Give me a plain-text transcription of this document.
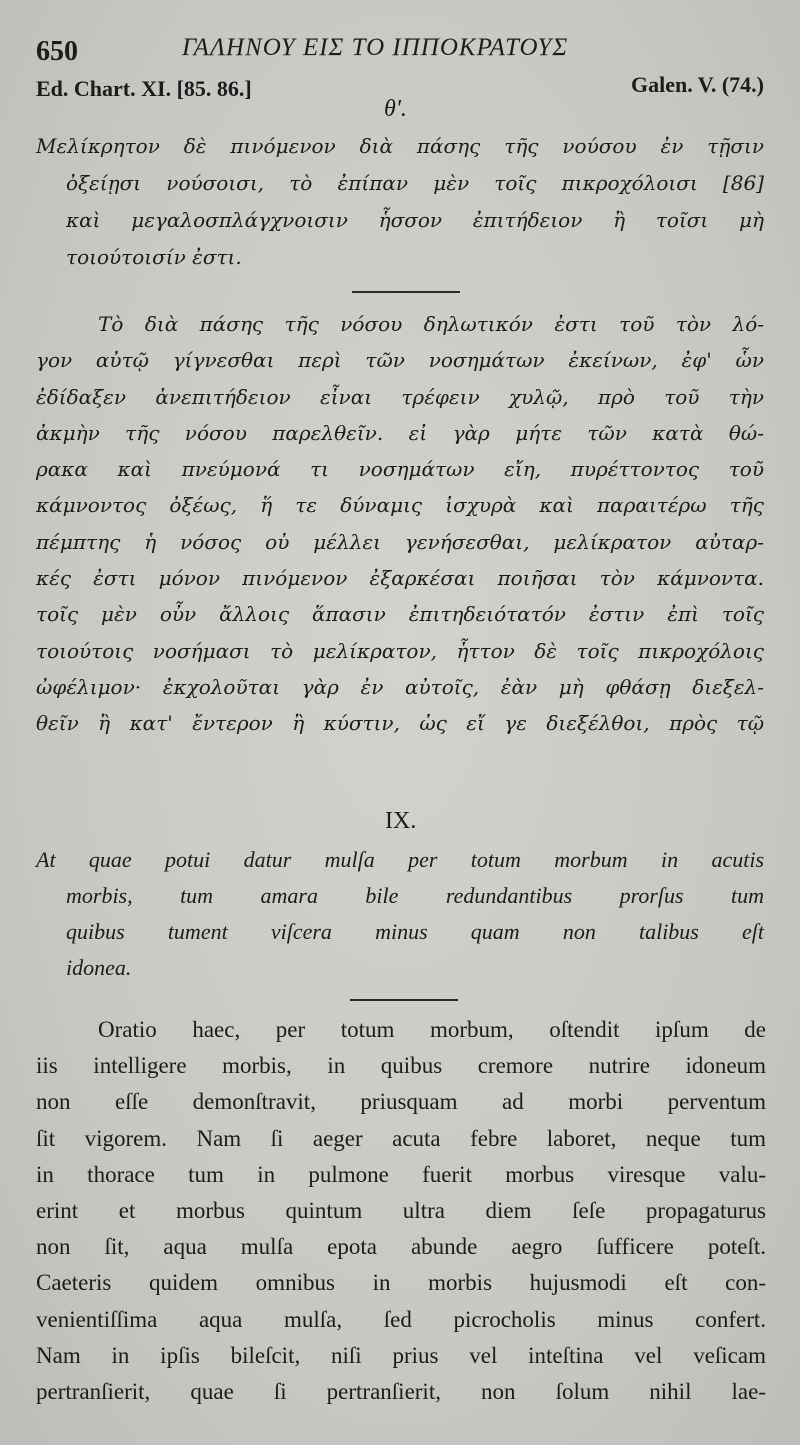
650	ΓΑΛΗΝΟΥ ΕΙΣ ΤΟ ΙΠΠΟΚΡΑΤΟΥΣ
Ed. Chart. XI. [85. 86.]	Galen. V. (74.)
θ'.
Μελίκρητον δὲ πινόμενον διὰ πάσης τῆς νούσου ἐν τῇσιν
ὀξείῃσι νούσοισι, τὸ ἐπίπαν μὲν τοῖς πικροχόλοισι [86]
καὶ μεγαλοσπλάγχνοισιν ἧσσον ἐπιτήδειον ἢ τοῖσι μὴ
τοιούτοισίν ἐστι.
Τὸ διὰ πάσης τῆς νόσου δηλωτικόν ἐστι τοῦ τὸν λό-
γον αὐτῷ γίγνεσθαι περὶ τῶν νοσημάτων ἐκείνων, ἐφ' ὧν
ἐδίδαξεν ἀνεπιτήδειον εἶναι τρέφειν χυλῷ, πρὸ τοῦ τὴν
ἀκμὴν τῆς νόσου παρελθεῖν. εἰ γὰρ μήτε τῶν κατὰ θώ-
ρακα καὶ πνεύμονά τι νοσημάτων εἴη, πυρέττοντος τοῦ
κάμνοντος ὀξέως, ἥ τε δύναμις ἰσχυρὰ καὶ παραιτέρω τῆς
πέμπτης ἡ νόσος οὐ μέλλει γενήσεσθαι, μελίκρατον αὐταρ-
κές ἐστι μόνον πινόμενον ἐξαρκέσαι ποιῆσαι τὸν κάμνοντα.
τοῖς μὲν οὖν ἄλλοις ἅπασιν ἐπιτηδειότατόν ἐστιν ἐπὶ τοῖς
τοιούτοις νοσήμασι τὸ μελίκρατον, ἧττον δὲ τοῖς πικροχόλοις
ὠφέλιμον· ἐκχολοῦται γὰρ ἐν αὐτοῖς, ἐὰν μὴ φθάσῃ διεξελ-
θεῖν ἢ κατ' ἔντερον ἢ κύστιν, ὡς εἴ γε διεξέλθοι, πρὸς τῷ
IX.
At quae potui datur mulſa per totum morbum in acutis
morbis, tum amara bile redundantibus prorſus tum
quibus tument viſcera minus quam non talibus eſt
idonea.
Oratio haec, per totum morbum, oſtendit ipſum de
iis intelligere morbis, in quibus cremore nutrire idoneum
non eſſe demonſtravit, priusquam ad morbi perventum
ſit vigorem. Nam ſi aeger acuta febre laboret, neque tum
in thorace tum in pulmone fuerit morbus viresque valu-
erint et morbus quintum ultra diem ſeſe propagaturus
non ſit, aqua mulſa epota abunde aegro ſufficere poteſt.
Caeteris quidem omnibus in morbis hujusmodi eſt con-
venientiſſima aqua mulſa, ſed picrocholis minus confert.
Nam in ipſis bileſcit, niſi prius vel inteſtina vel veſicam
pertranſierit, quae ſi pertranſierit, non ſolum nihil lae-
